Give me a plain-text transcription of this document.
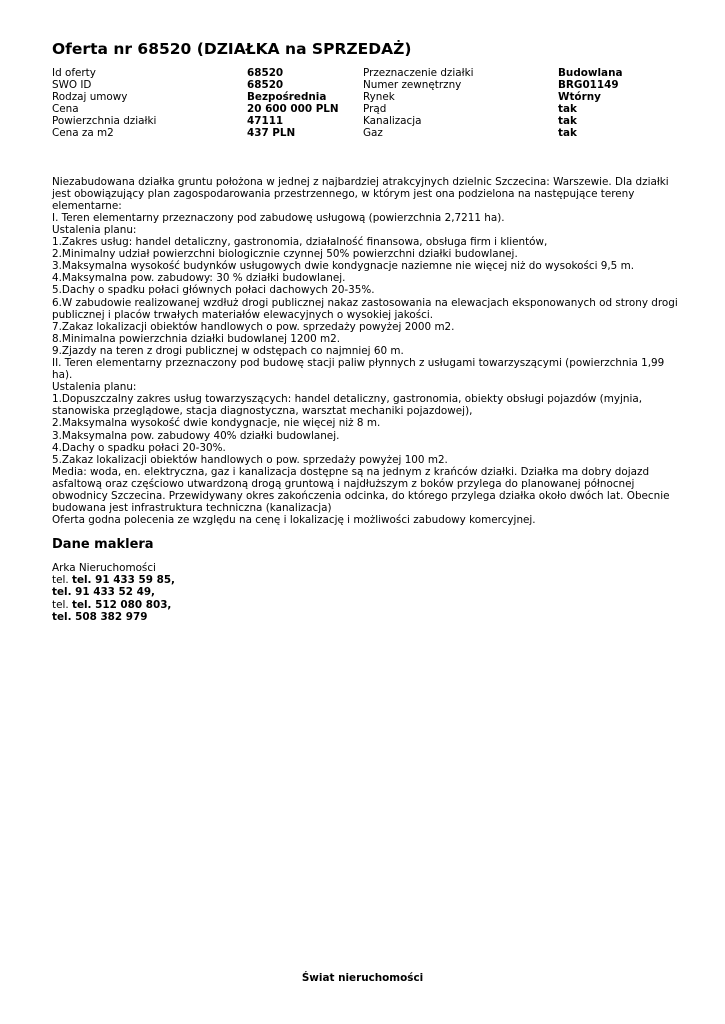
Oferta nr 68520 (DZIAŁKA na SPRZEDAŻ)
Id oferty	68520	Przeznaczenie działki	Budowlana
SWO ID	68520	Numer zewnętrzny	BRG01149
Rodzaj umowy	Bezpośrednia	Rynek	Wtórny
Cena	20 600 000 PLN	Prąd	tak
Powierzchnia działki	47111	Kanalizacja	tak
Cena za m2	437 PLN	Gaz	tak
Niezabudowana działka gruntu położona w jednej z najbardziej atrakcyjnych dzielnic Szczecina: Warszewie. Dla działki jest obowiązujący plan zagospodarowania przestrzennego, w którym jest ona podzielona na następujące tereny elementarne:
I. Teren elementarny przeznaczony pod zabudowę usługową (powierzchnia 2,7211 ha).
Ustalenia planu:
1.Zakres usług: handel detaliczny, gastronomia, działalność finansowa, obsługa firm i klientów,
2.Minimalny udział powierzchni biologicznie czynnej 50% powierzchni działki budowlanej.
3.Maksymalna wysokość budynków usługowych dwie kondygnacje naziemne nie więcej niż do wysokości 9,5 m.
4.Maksymalna pow. zabudowy: 30 % działki budowlanej.
5.Dachy o spadku połaci głównych połaci dachowych 20-35%.
6.W zabudowie realizowanej wzdłuż drogi publicznej nakaz zastosowania na elewacjach eksponowanych od strony drogi publicznej i placów trwałych materiałów elewacyjnych o wysokiej jakości.
7.Zakaz lokalizacji obiektów handlowych o pow. sprzedaży powyżej 2000 m2.
8.Minimalna powierzchnia działki budowlanej 1200 m2.
9.Zjazdy na teren z drogi publicznej w odstępach co najmniej 60 m.
II. Teren elementarny przeznaczony pod budowę stacji paliw płynnych z usługami towarzyszącymi (powierzchnia 1,99 ha).
Ustalenia planu:
1.Dopuszczalny zakres usług towarzyszących: handel detaliczny, gastronomia, obiekty obsługi pojazdów (myjnia, stanowiska przeglądowe, stacja diagnostyczna, warsztat mechaniki pojazdowej),
2.Maksymalna wysokość dwie kondygnacje, nie więcej niż 8 m.
3.Maksymalna pow. zabudowy 40% działki budowlanej.
4.Dachy o spadku połaci 20-30%.
5.Zakaz lokalizacji obiektów handlowych o pow. sprzedaży powyżej 100 m2.
Media: woda, en. elektryczna, gaz i kanalizacja dostępne są na jednym z krańców działki. Działka ma dobry dojazd asfaltową oraz częściowo utwardzoną drogą gruntową i najdłuższym z boków przylega do planowanej północnej obwodnicy Szczecina. Przewidywany okres zakończenia odcinka, do którego przylega działka około dwóch lat. Obecnie budowana jest infrastruktura techniczna (kanalizacja)
Oferta godna polecenia ze względu na cenę i lokalizację i możliwości zabudowy komercyjnej.
Dane maklera
Arka Nieruchomości
tel. tel. 91 433 59 85,
tel. 91 433 52 49,
tel. tel. 512 080 803,
tel. 508 382 979
Świat nieruchomości
